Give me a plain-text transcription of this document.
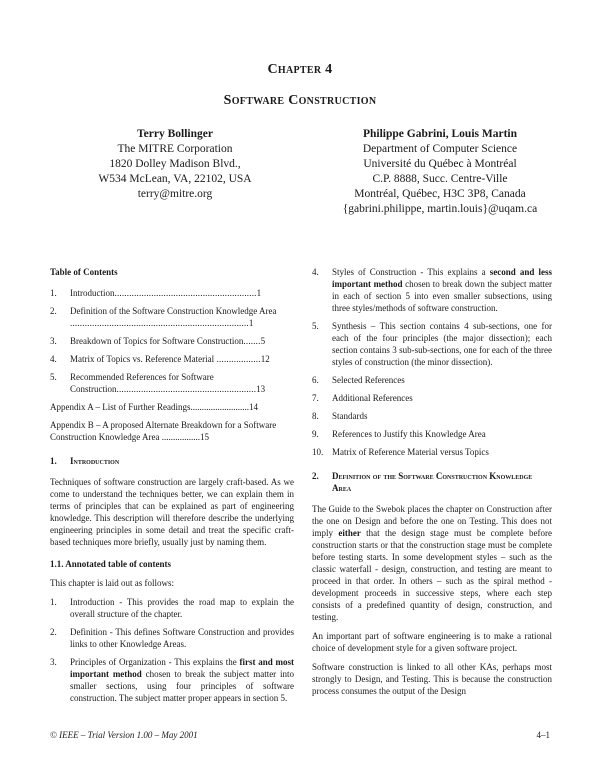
Chapter 4
Software Construction
Terry Bollinger
The MITRE Corporation
1820 Dolley Madison Blvd.,
W534 McLean, VA, 22102, USA
terry@mitre.org
Philippe Gabrini, Louis Martin
Department of Computer Science
Université du Québec à Montréal
C.P. 8888, Succ. Centre-Ville
Montréal, Québec, H3C 3P8, Canada
{gabrini.philippe, martin.louis}@uqam.ca
Table of Contents
1.	Introduction..........................................................1
2.	Definition of the Software Construction Knowledge Area .........................................................................1
3.	Breakdown of Topics for Software Construction.......5
4.	Matrix of Topics vs. Reference Material ..................12
5.	Recommended References for Software Construction.........................................................13
Appendix A – List of Further Readings..........................14
Appendix B – A proposed Alternate Breakdown for a Software Construction Knowledge Area .................15
1.	Introduction

Techniques of software construction are largely craft-based. As we come to understand the techniques better, we can explain them in terms of principles that can be explained as part of engineering knowledge. This description will therefore describe the underlying engineering principles in some detail and treat the specific craft-based techniques more briefly, usually just by naming them.

1.1. Annotated table of contents

This chapter is laid out as follows:

1.	Introduction - This provides the road map to explain the overall structure of the chapter.
2.	Definition - This defines Software Construction and provides links to other Knowledge Areas.
3.	Principles of Organization - This explains the first and most important method chosen to break the subject matter into smaller sections, using four principles of software construction. The subject matter proper appears in section 5.
4.	Styles of Construction - This explains a second and less important method chosen to break down the subject matter in each of section 5 into even smaller subsections, using three styles/methods of software construction.
5.	Synthesis – This section contains 4 sub-sections, one for each of the four principles (the major dissection); each section contains 3 sub-sub-sections, one for each of the three styles of construction (the minor dissection).
6.	Selected References
7.	Additional References
8.	Standards
9.	References to Justify this Knowledge Area
10. Matrix of Reference Material versus Topics
2.	Definition of the Software Construction Knowledge Area

The Guide to the Swebok places the chapter on Construction after the one on Design and before the one on Testing. This does not imply either that the design stage must be complete before construction starts or that the construction stage must be complete before testing starts. In some development styles – such as the classic waterfall - design, construction, and testing are meant to proceed in that order. In others – such as the spiral method - development proceeds in successive steps, where each step consists of a predefined quantity of design, construction, and testing.

An important part of software engineering is to make a rational choice of development style for a given software project.

Software construction is linked to all other KAs, perhaps most strongly to Design, and Testing. This is because the construction process consumes the output of the Design

© IEEE – Trial Version 1.00 – May 2001	4–1
